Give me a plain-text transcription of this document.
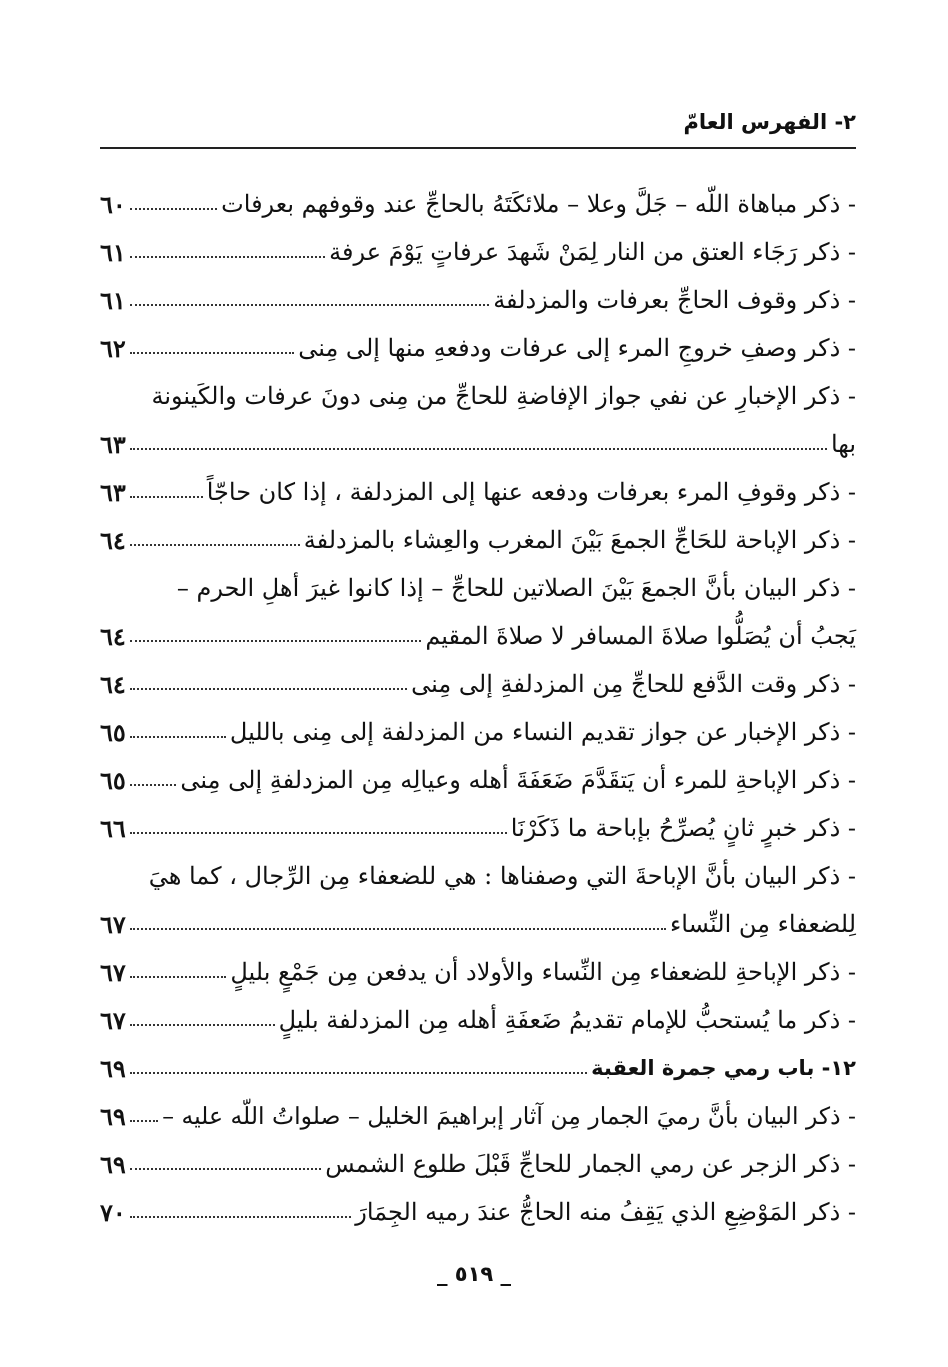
٢- الفهرس العامّ
- ذكر مباهاة اللّه – جَلَّ وعلا – ملائكَتَهُ بالحاجِّ عند وقوفهم بعرفات
٦٠
- ذكر رَجَاء العتق من النار لِمَنْ شَهدَ عرفاتٍ يَوْمَ عرفة
٦١
- ذكر وقوف الحاجِّ بعرفات والمزدلفة
٦١
- ذكر وصفِ خروجِ المرء إلى عرفات ودفعهِ منها إلى مِنى
٦٢
- ذكر الإخبارِ عن نفي جواز الإفاضةِ للحاجِّ من مِنى دونَ عرفات والكَينونة
بها
٦٣
- ذكر وقوفِ المرء بعرفات ودفعه عنها إلى المزدلفة ، إذا كان حاجّاً
٦٣
- ذكر الإباحة للحَاجِّ الجمعَ بَيْنَ المغرب والعِشاء بالمزدلفة
٦٤
- ذكر البيان بأنَّ الجمعَ بَيْنَ الصلاتين للحاجِّ – إذا كانوا غيرَ أهلِ الحرم –
يَجبُ أن يُصَلُّوا صلاةَ المسافر لا صلاةَ المقيم
٦٤
- ذكر وقت الدَّفع للحاجِّ مِن المزدلفةِ إلى مِنى
٦٤
- ذكر الإخبار عن جواز تقديم النساء من المزدلفة إلى مِنى بالليل
٦٥
- ذكر الإباحةِ للمرء أن يَتقَدَّمَ ضَعَفَةَ أهله وعيالِه مِن المزدلفةِ إلى مِنى
٦٥
- ذكر خبرٍ ثانٍ يُصرِّحُ بإباحة ما ذَكَرْنَا
٦٦
- ذكر البيان بأنَّ الإباحةَ التي وصفناها : هي للضعفاء مِن الرِّجال ، كما هيَ
لِلضعفاء مِن النِّساء
٦٧
- ذكر الإباحةِ للضعفاء مِن النِّساء والأولاد أن يدفعن مِن جَمْعٍ بليلٍ
٦٧
- ذكر ما يُستحبُّ للإمام تقديمُ ضَعفَةِ أهله مِن المزدلفة بليلٍ
٦٧
١٢- باب رمي جمرة العقبة
٦٩
- ذكر البيان بأنَّ رميَ الجمار مِن آثار إبراهيمَ الخليل – صلواتُ اللّه عليه –
٦٩
- ذكر الزجر عن رمي الجمار للحاجِّ قَبْلَ طلوع الشمس
٦٩
- ذكر المَوْضِعِ الذي يَقِفُ منه الحاجُّ عندَ رميه الجِمَارَ
٧٠
_ ٥١٩ _
